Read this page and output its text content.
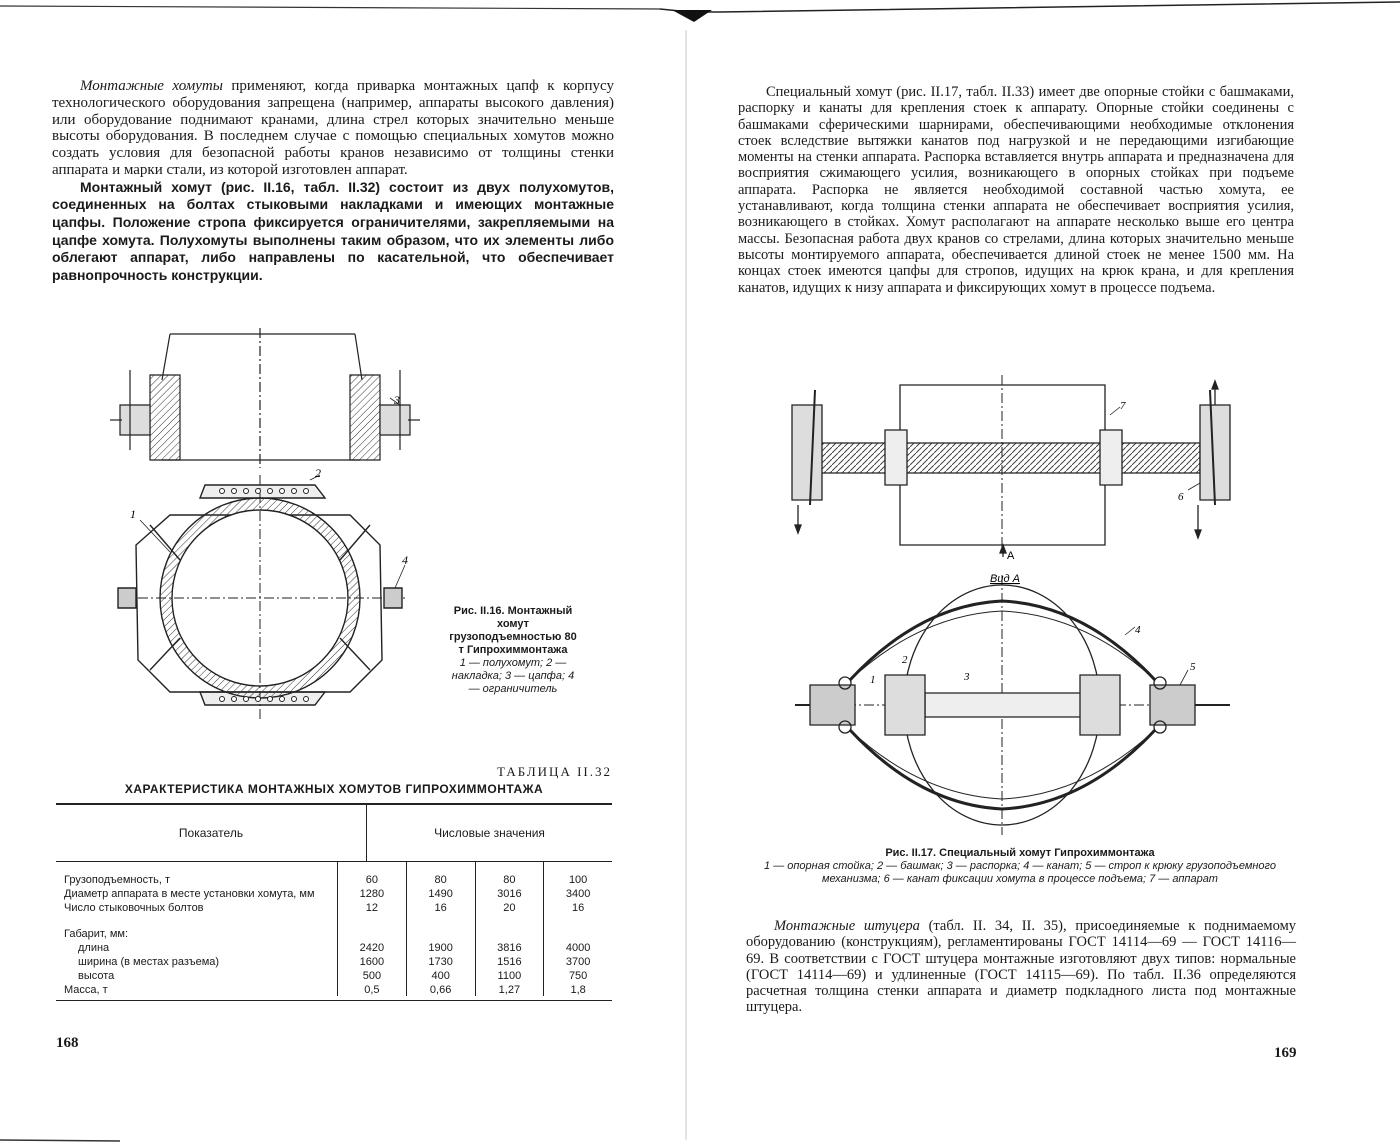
Монтажные хомуты применяют, когда приварка монтажных цапф к корпусу технологического оборудования запрещена (например, аппараты высокого давления) или оборудование поднимают кранами, длина стрел которых значительно меньше высоты оборудования. В последнем случае с помощью специальных хомутов можно создать условия для безопасной работы кранов независимо от толщины стенки аппарата и марки стали, из которой изготовлен аппарат.

Монтажный хомут (рис. II.16, табл. II.32) состоит из двух полухомутов, соединенных на болтах стыковыми накладками и имеющих монтажные цапфы. Положение стропа фиксируется ограничителями, закрепляемыми на цапфе хомута. Полухомуты выполнены таким образом, что их элементы либо облегают аппарат, либо направлены по касательной, что обеспечивает равнопрочность конструкции.

1
2
3
4
Рис. II.16. Монтажный хомут грузоподъемностью 80 т Гипрохиммонтажа
1 — полухомут; 2 — накладка; 3 — цапфа; 4 — ограничитель
ТАБЛИЦА II.32
ХАРАКТЕРИСТИКА МОНТАЖНЫХ ХОМУТОВ ГИПРОХИММОНТАЖА
Показатель	Числовые значения
Грузоподъемность, т	60	80	80	100
Диаметр аппарата в месте установки хомута, мм	1280	1490	3016	3400
Число стыковочных болтов	12	16	20	16
Габарит, мм:				
длина	2420	1900	3816	4000
ширина (в местах разъема)	1600	1730	1516	3700
высота	500	400	1100	750
Масса, т	0,5	0,66	1,27	1,8
168

Специальный хомут (рис. II.17, табл. II.33) имеет две опорные стойки с башмаками, распорку и канаты для крепления стоек к аппарату. Опорные стойки соединены с башмаками сферическими шарнирами, обеспечивающими необходимые отклонения стоек вследствие вытяжки канатов под нагрузкой и не передающими изгибающие моменты на стенки аппарата. Распорка вставляется внутрь аппарата и предназначена для восприятия сжимающего усилия, возникающего в опорных стойках при подъеме аппарата. Распорка не является необходимой составной частью хомута, ее устанавливают, когда толщина стенки аппарата не обеспечивает восприятия усилия, возникающего в стойках. Хомут располагают на аппарате несколько выше его центра массы. Безопасная работа двух кранов со стрелами, длина которых значительно меньше высоты монтируемого аппарата, обеспечивается длиной стоек не менее 1500 мм. На концах стоек имеются цапфы для стропов, идущих на крюк крана, и для крепления канатов, идущих к низу аппарата и фиксирующих хомут в процессе подъема.

A
Вид А
1
2
3
4
5
6
7
Рис. II.17. Специальный хомут Гипрохиммонтажа
1 — опорная стойка; 2 — башмак; 3 — распорка; 4 — канат; 5 — строп к крюку грузоподъемного механизма; 6 — канат фиксации хомута в процессе подъема; 7 — аппарат

Монтажные штуцера (табл. II. 34, II. 35), присоединяемые к поднимаемому оборудованию (конструкциям), регламентированы ГОСТ 14114—69 — ГОСТ 14116—69. В соответствии с ГОСТ штуцера монтажные изготовляют двух типов: нормальные (ГОСТ 14114—69) и удлиненные (ГОСТ 14115—69). По табл. II.36 определяются расчетная толщина стенки аппарата и диаметр подкладного листа под монтажные штуцера.

169
